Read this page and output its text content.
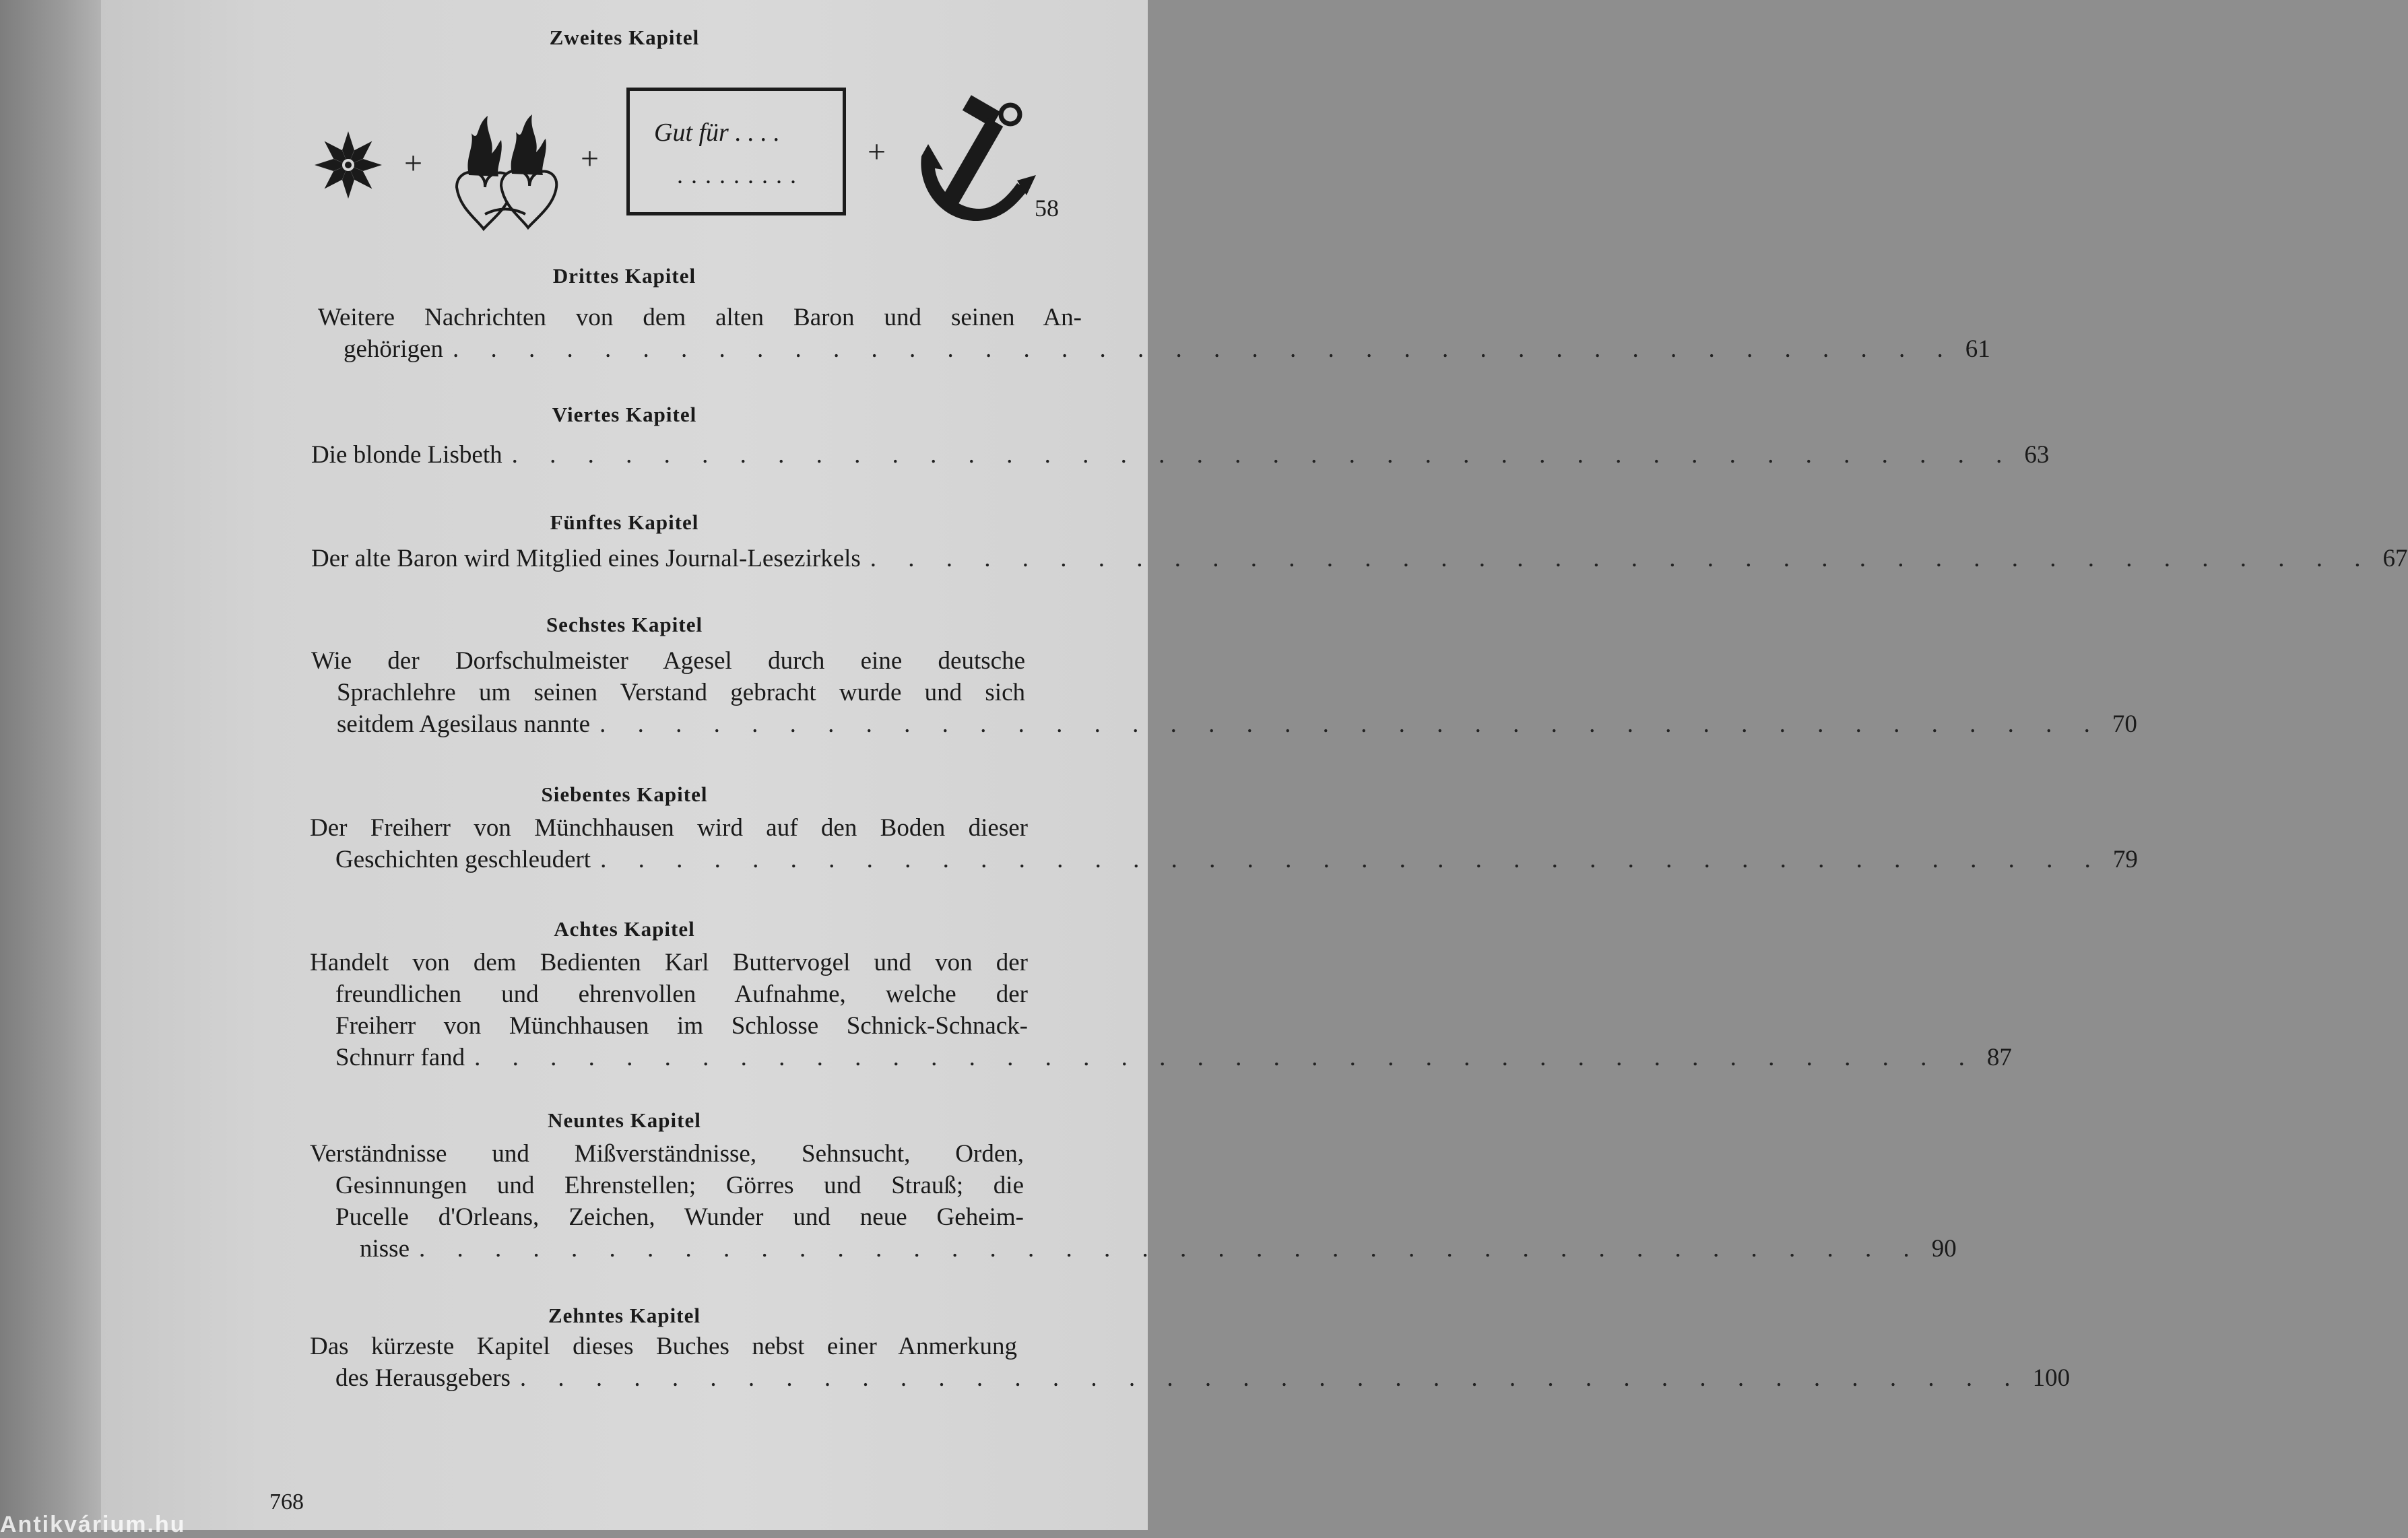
Zweites Kapitel
+	+
Gut für . . . .
.........
+
58
Drittes Kapitel
Weitere Nachrichten von dem alten Baron und seinen An-
gehörigen . . . . . . . . . . . . . . . . . . . . . . . . . . . . . . . . . . . . . . . . 61
Viertes Kapitel
Die blonde Lisbeth . . . . . . . . . . . . . . . . . . . . . . . . . . . . . . . . . . . . . . . . 63
Fünftes Kapitel
Der alte Baron wird Mitglied eines Journal-Lesezirkels . . . . . . . . . . . . . . . . . . . . . . . . . . . . . . . . . . . . . . . . 67
Sechstes Kapitel
Wie der Dorfschulmeister Agesel durch eine deutsche
Sprachlehre um seinen Verstand gebracht wurde und sich
seitdem Agesilaus nannte . . . . . . . . . . . . . . . . . . . . . . . . . . . . . . . . . . . . . . . . 70
Siebentes Kapitel
Der Freiherr von Münchhausen wird auf den Boden dieser
Geschichten geschleudert . . . . . . . . . . . . . . . . . . . . . . . . . . . . . . . . . . . . . . . . 79
Achtes Kapitel
Handelt von dem Bedienten Karl Buttervogel und von der
freundlichen und ehrenvollen Aufnahme, welche der
Freiherr von Münchhausen im Schlosse Schnick-Schnack-
Schnurr fand . . . . . . . . . . . . . . . . . . . . . . . . . . . . . . . . . . . . . . . . 87
Neuntes Kapitel
Verständnisse und Mißverständnisse, Sehnsucht, Orden,
Gesinnungen und Ehrenstellen; Görres und Strauß; die
Pucelle d'Orleans, Zeichen, Wunder und neue Geheim-
nisse . . . . . . . . . . . . . . . . . . . . . . . . . . . . . . . . . . . . . . . . 90
Zehntes Kapitel
Das kürzeste Kapitel dieses Buches nebst einer Anmerkung
des Herausgebers . . . . . . . . . . . . . . . . . . . . . . . . . . . . . . . . . . . . . . . . 100
768
Antikvárium.hu
